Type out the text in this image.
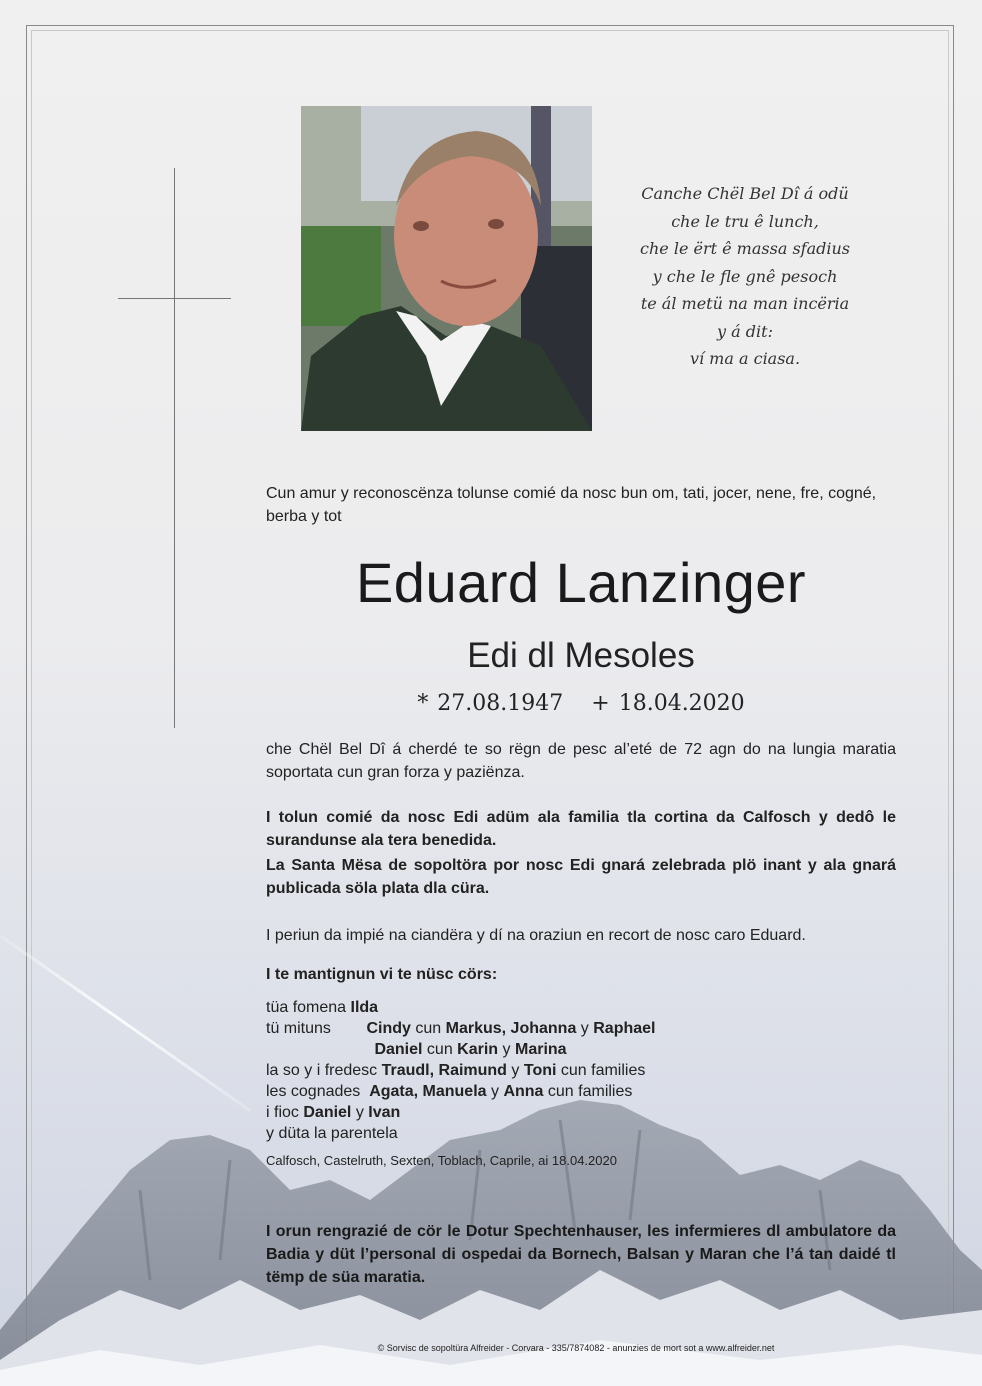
Canche Chël Bel Dî á odü
che le tru ê lunch,
che le ërt ê massa sfadius
y che le fle gnê pesoch
te ál metü na man incëria
y á dit:
ví ma a ciasa.
Cun amur y reconoscënza tolunse comié da nosc bun om, tati, jocer, nene, fre, cogné, berba y tot
Eduard Lanzinger
Edi dl Mesoles
* 27.08.1947 + 18.04.2020
che Chël Bel Dî á cherdé te so rëgn de pesc al’eté de 72 agn do na lungia maratia soportata cun gran forza y paziënza.
I tolun comié da nosc Edi adüm ala familia tla cortina da Calfosch y dedô le surandunse ala tera benedida.
La Santa Mësa de sopoltöra por nosc Edi gnará zelebrada plö inant y ala gnará publicada söla plata dla cüra.
I periun da impié na ciandëra y dí na oraziun en recort de nosc caro Eduard.
I te mantignun vi te nüsc cörs:
tüa fomena Ilda
tü mituns Cindy cun Markus, Johanna y Raphael
Daniel cun Karin y Marina
la so y i fredesc Traudl, Raimund y Toni cun families
les cognades Agata, Manuela y Anna cun families
i fioc Daniel y Ivan
y düta la parentela
Calfosch, Castelruth, Sexten, Toblach, Caprile, ai 18.04.2020
I orun rengrazié de cör le Dotur Spechtenhauser, les infermieres dl ambulatore da Badia y düt l’personal di ospedai da Bornech, Balsan y Maran che l’á tan daidé tl tëmp de süa maratia.
© Sorvisc de sopoltüra Alfreider - Corvara - 335/7874082 - anunzies de mort sot a www.alfreider.net
